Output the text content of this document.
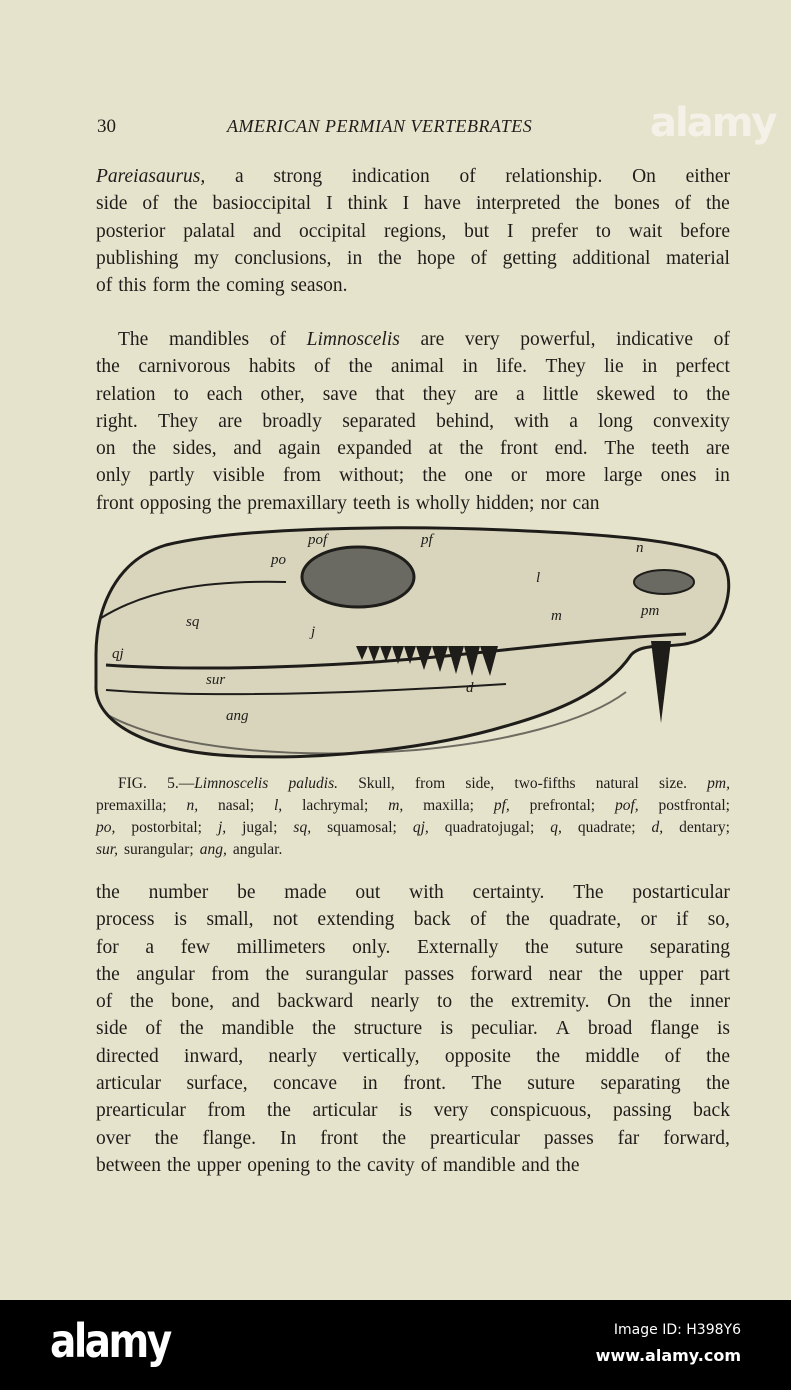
30	AMERICAN PERMIAN VERTEBRATES	alamy
Pareiasaurus, a strong indication of relationship. On either
side of the basioccipital I think I have interpreted the bones of the
posterior palatal and occipital regions, but I prefer to wait before
publishing my conclusions, in the hope of getting additional material
of this form the coming season.
The mandibles of Limnoscelis are very powerful, indicative of
the carnivorous habits of the animal in life. They lie in perfect
relation to each other, save that they are a little skewed to the
right. They are broadly separated behind, with a long convexity
on the sides, and again expanded at the front end. The teeth are
only partly visible from without; the one or more large ones in
front opposing the premaxillary teeth is wholly hidden; nor can
po
pof	pf	n
l
pm
sq
j
m
qj
sur	d
ang
FIG. 5.—Limnoscelis paludis. Skull, from side, two-fifths natural size. pm,
premaxilla; n, nasal; l, lachrymal; m, maxilla; pf, prefrontal; pof, postfrontal;
po, postorbital; j, jugal; sq, squamosal; qj, quadratojugal; q, quadrate; d, dentary;
sur, surangular; ang, angular.
the number be made out with certainty. The postarticular
process is small, not extending back of the quadrate, or if so,
for a few millimeters only. Externally the suture separating
the angular from the surangular passes forward near the upper part
of the bone, and backward nearly to the extremity. On the inner
side of the mandible the structure is peculiar. A broad flange is
directed inward, nearly vertically, opposite the middle of the
articular surface, concave in front. The suture separating the
prearticular from the articular is very conspicuous, passing back
over the flange. In front the prearticular passes far forward,
between the upper opening to the cavity of mandible and the
alamy	Image ID: H398Y6
www.alamy.com
